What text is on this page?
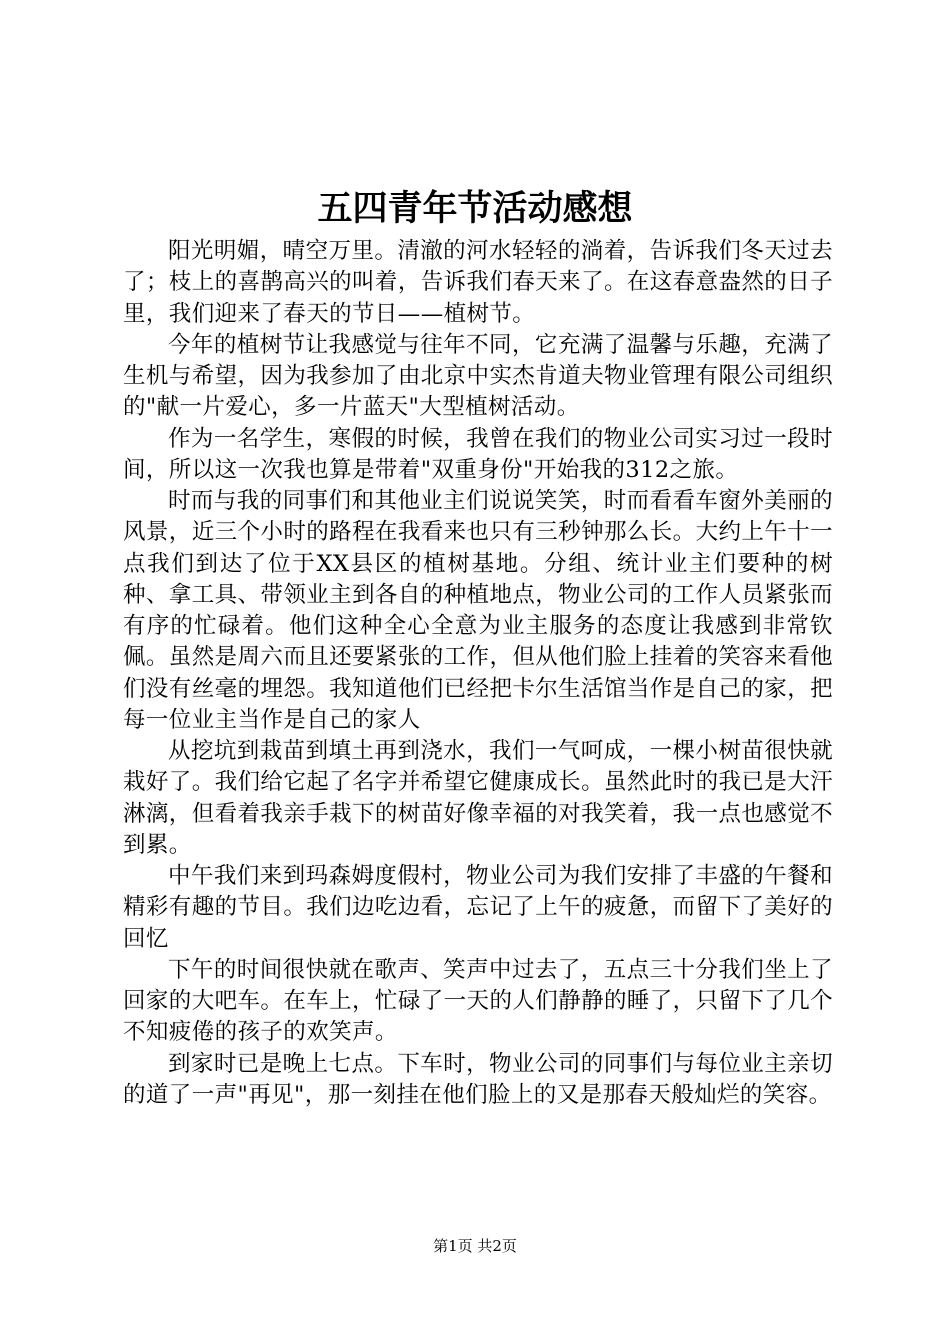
五四青年节活动感想

阳光明媚，晴空万里。清澈的河水轻轻的淌着，告诉我们冬天过去了；枝上的喜鹊高兴的叫着，告诉我们春天来了。在这春意盎然的日子里，我们迎来了春天的节日——植树节。

今年的植树节让我感觉与往年不同，它充满了温馨与乐趣，充满了生机与希望，因为我参加了由北京中实杰肯道夫物业管理有限公司组织的"献一片爱心，多一片蓝天"大型植树活动。

作为一名学生，寒假的时候，我曾在我们的物业公司实习过一段时间，所以这一次我也算是带着"双重身份"开始我的312之旅。

时而与我的同事们和其他业主们说说笑笑，时而看看车窗外美丽的风景，近三个小时的路程在我看来也只有三秒钟那么长。大约上午十一点我们到达了位于XX县区的植树基地。分组、统计业主们要种的树种、拿工具、带领业主到各自的种植地点，物业公司的工作人员紧张而有序的忙碌着。他们这种全心全意为业主服务的态度让我感到非常钦佩。虽然是周六而且还要紧张的工作，但从他们脸上挂着的笑容来看他们没有丝毫的埋怨。我知道他们已经把卡尔生活馆当作是自己的家，把每一位业主当作是自己的家人

从挖坑到栽苗到填土再到浇水，我们一气呵成，一棵小树苗很快就栽好了。我们给它起了名字并希望它健康成长。虽然此时的我已是大汗淋漓，但看着我亲手栽下的树苗好像幸福的对我笑着，我一点也感觉不到累。

中午我们来到玛森姆度假村，物业公司为我们安排了丰盛的午餐和精彩有趣的节目。我们边吃边看，忘记了上午的疲惫，而留下了美好的回忆

下午的时间很快就在歌声、笑声中过去了，五点三十分我们坐上了回家的大吧车。在车上，忙碌了一天的人们静静的睡了，只留下了几个不知疲倦的孩子的欢笑声。

到家时已是晚上七点。下车时，物业公司的同事们与每位业主亲切的道了一声"再见"，那一刻挂在他们脸上的又是那春天般灿烂的笑容。

第1页 共2页
